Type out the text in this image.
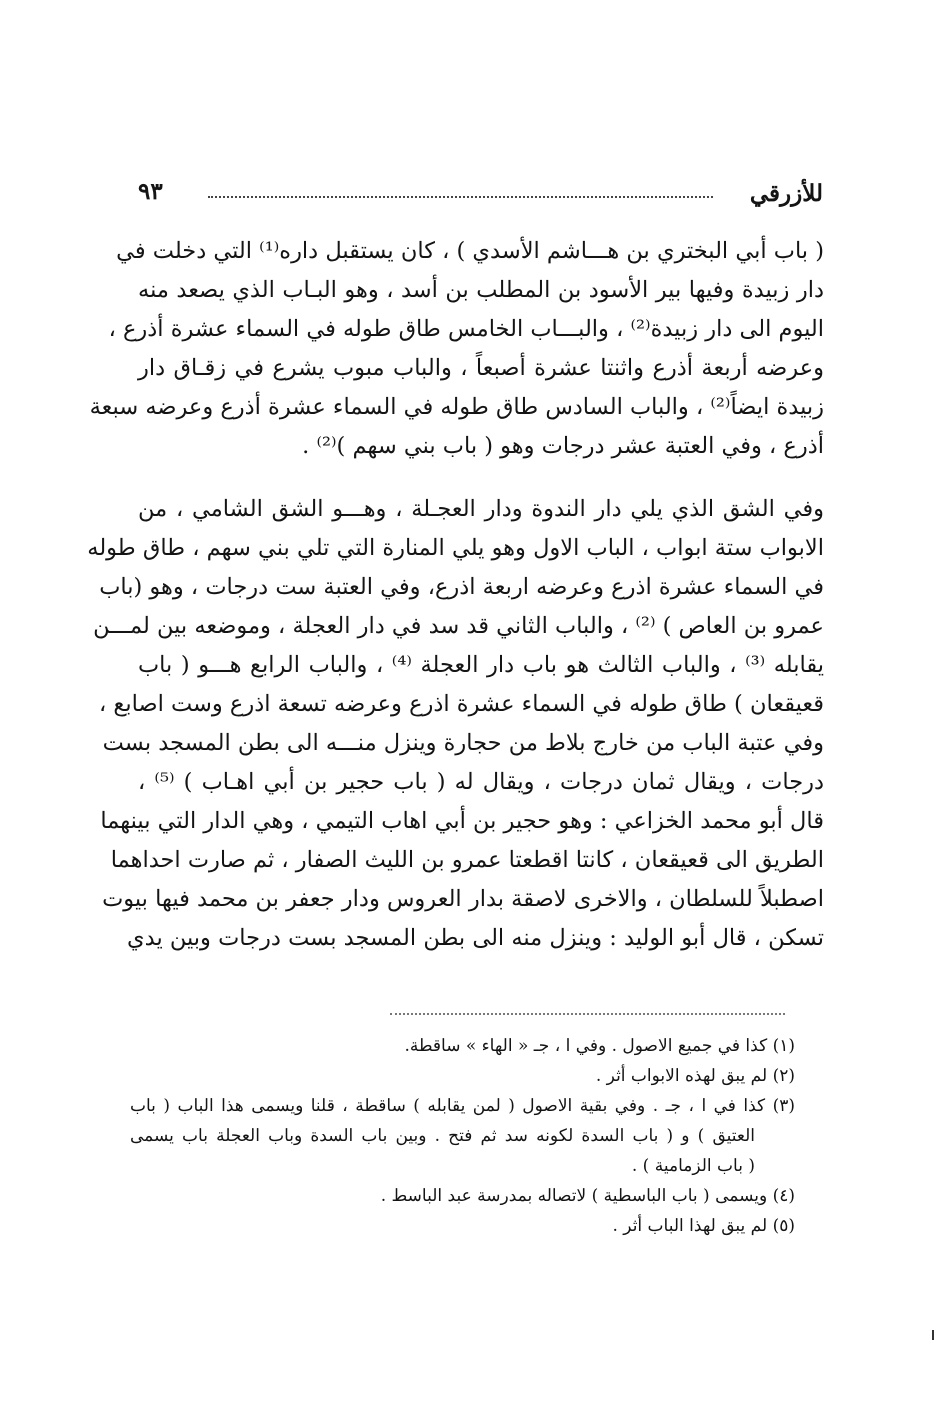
للأزرقي
٩٣
( باب أبي البختري بن هـــاشم الأسدي ) ، كان يستقبل داره⁽¹⁾ التي دخلت في
دار زبيدة وفيها بير الأسود بن المطلب بن أسد ، وهو البـاب الذي يصعد منه
اليوم الى دار زبيدة⁽²⁾ ، والبـــاب الخامس طاق طوله في السماء عشرة أذرع ،
وعرضه أربعة أذرع واثنتا عشرة أصبعاً ، والباب مبوب يشرع في زقـاق دار
زبيدة ايضاً⁽²⁾ ، والباب السادس طاق طوله في السماء عشرة أذرع وعرضه سبعة
أذرع ، وفي العتبة عشر درجات وهو ( باب بني سهم )⁽²⁾ .
وفي الشق الذي يلي دار الندوة ودار العجـلة ، وهـــو الشق الشامي ، من
الابواب ستة ابواب ، الباب الاول وهو يلي المنارة التي تلي بني سهم ، طاق طوله
في السماء عشرة اذرع وعرضه اربعة اذرع، وفي العتبة ست درجات ، وهو (باب
عمرو بن العاص ) ⁽²⁾ ، والباب الثاني قد سد في دار العجلة ، وموضعه بين لمـــن
يقابله ⁽³⁾ ، والباب الثالث هو باب دار العجلة ⁽⁴⁾ ، والباب الرابع هـــو ( باب
قعيقعان ) طاق طوله في السماء عشرة اذرع وعرضه تسعة اذرع وست اصابع ،
وفي عتبة الباب من خارج بلاط من حجارة وينزل منـــه الى بطن المسجد بست
درجات ، ويقال ثمان درجات ، ويقال له ( باب حجير بن أبي اهـاب ) ⁽⁵⁾ ،
قال أبو محمد الخزاعي : وهو حجير بن أبي اهاب التيمي ، وهي الدار التي بينهما
الطريق الى قعيقعان ، كانتا اقطعتا عمرو بن الليث الصفار ، ثم صارت احداهما
اصطبلاً للسلطان ، والاخرى لاصقة بدار العروس ودار جعفر بن محمد فيها بيوت
تسكن ، قال أبو الوليد : وينزل منه الى بطن المسجد بست درجات وبين يدي
(١) كذا في جميع الاصول . وفي ا ، جـ « الهاء » ساقطة.
(٢) لم يبق لهذه الابواب أثر .
(٣) كذا في ا ، جـ . وفي بقية الاصول ( لمن يقابله ) ساقطة ، قلنا ويسمى هذا الباب ( باب
العتيق ) و ( باب السدة لكونه سد ثم فتح . وبين باب السدة وباب العجلة باب يسمى
( باب الزمامية ) .
(٤) ويسمى ( باب الباسطية ) لاتصاله بمدرسة عبد الباسط .
(٥) لم يبق لهذا الباب أثر .
